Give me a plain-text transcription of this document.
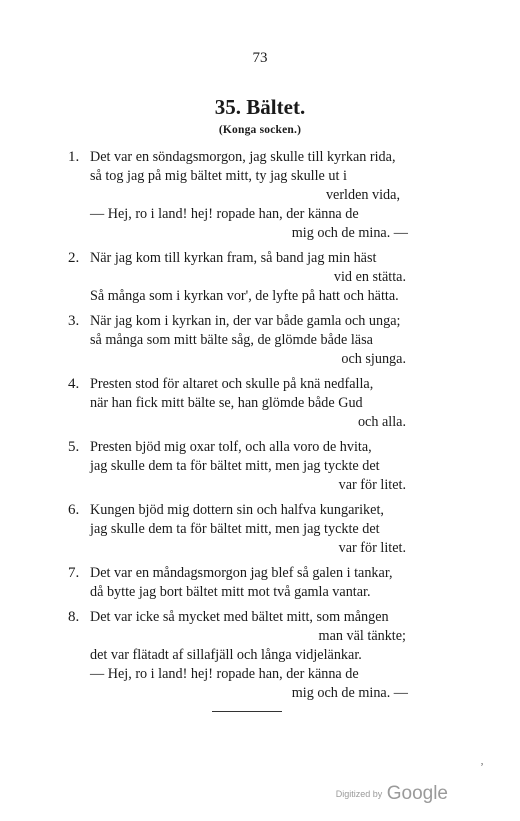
73
35. Bältet.
(Konga socken.)
1. Det var en söndagsmorgon, jag skulle till kyrkan rida,
så tog jag på mig bältet mitt, ty jag skulle ut i
verlden vida,
— Hej, ro i land! hej! ropade han, der känna de
mig och de mina. —
2. När jag kom till kyrkan fram, så band jag min häst
vid en stätta.
Så många som i kyrkan vor', de lyfte på hatt och hätta.
3. När jag kom i kyrkan in, der var både gamla och unga;
så många som mitt bälte såg, de glömde både läsa
och sjunga.
4. Presten stod för altaret och skulle på knä nedfalla,
när han fick mitt bälte se, han glömde både Gud
och alla.
5. Presten bjöd mig oxar tolf, och alla voro de hvita,
jag skulle dem ta för bältet mitt, men jag tyckte det
var för litet.
6. Kungen bjöd mig dottern sin och halfva kungariket,
jag skulle dem ta för bältet mitt, men jag tyckte det
var för litet.
7. Det var en måndagsmorgon jag blef så galen i tankar,
då bytte jag bort bältet mitt mot två gamla vantar.
8. Det var icke så mycket med bältet mitt, som mången
man väl tänkte;
det var flätadt af sillafjäll och långa vidjelänkar.
— Hej, ro i land! hej! ropade han, der känna de
mig och de mina. —
ʼ
Digitized by Google
